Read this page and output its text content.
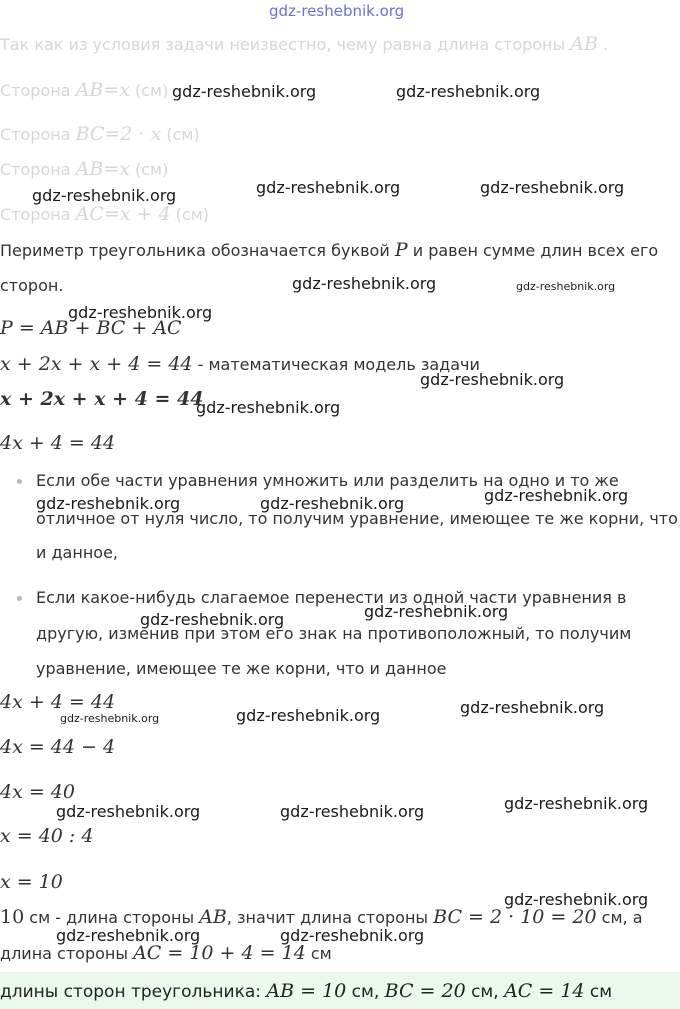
gdz-reshebnik.org
Так как из условия задачи неизвестно, чему равна длина стороны AB .
Сторона AB=x (см)
Сторона BC=2 · x (см)
Сторона AB=x (см)
Сторона AC=x + 4 (см)
Периметр треугольника обозначается буквой P и равен сумме длин всех его
сторон.
P = AB + BC + AC
x + 2x + x + 4 = 44 - математическая модель задачи
x + 2x + x + 4 = 44
4x + 4 = 44
Если обе части уравнения умножить или разделить на одно и то же
отличное от нуля число, то получим уравнение, имеющее те же корни, что
и данное,
Если какое-нибудь слагаемое перенести из одной части уравнения в
другую, изменив при этом его знак на противоположный, то получим
уравнение, имеющее те же корни, что и данное
4x + 4 = 44
4x = 44 − 4
4x = 40
x = 40 : 4
x = 10
10 см - длина стороны AB, значит длина стороны BC = 2 · 10 = 20 см, а
длина стороны AC = 10 + 4 = 14 см
длины сторон треугольника: AB = 10 см, BC = 20 см, AC = 14 см
gdz-reshebnik.org	gdz-reshebnik.org
gdz-reshebnik.org	gdz-reshebnik.org	gdz-reshebnik.org
gdz-reshebnik.org	gdz-reshebnik.org
gdz-reshebnik.org
gdz-reshebnik.org
gdz-reshebnik.org
gdz-reshebnik.org
gdz-reshebnik.org	gdz-reshebnik.org
gdz-reshebnik.org
gdz-reshebnik.org
gdz-reshebnik.org
gdz-reshebnik.org	gdz-reshebnik.org
gdz-reshebnik.org
gdz-reshebnik.org	gdz-reshebnik.org
gdz-reshebnik.org
gdz-reshebnik.org	gdz-reshebnik.org
